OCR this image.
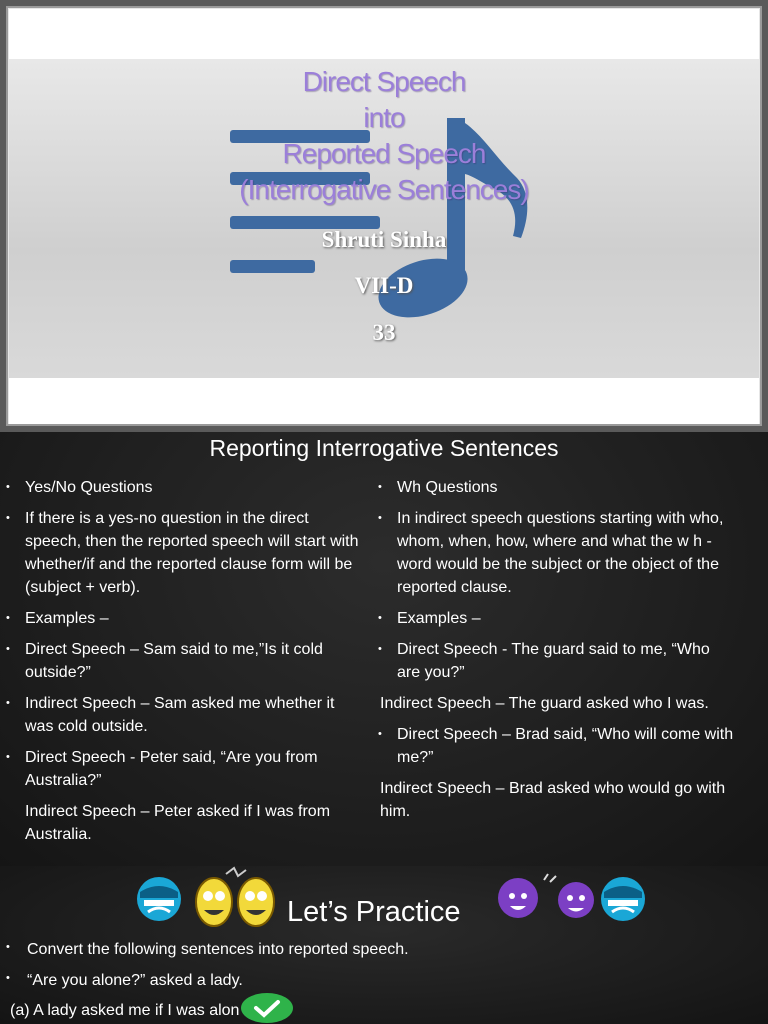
Direct Speech
into
Reported Speech
(Interrogative Sentences)
Shruti Sinha
VII-D
33
Reporting Interrogative Sentences
• Yes/No Questions
• If there is a yes-no question in the direct speech, then the reported speech will start with whether/if and the reported clause form will be (subject + verb).
• Examples –
• Direct Speech – Sam said to me,”Is it cold outside?”
• Indirect Speech – Sam asked me whether it was cold outside.
• Direct Speech - Peter said, “Are you from Australia?”
Indirect Speech – Peter asked if I was from Australia.
• Wh Questions
• In indirect speech questions starting with who, whom, when, how, where and what the w h -word would be the subject or the object of the reported clause.
• Examples –
• Direct Speech - The guard said to me, “Who are you?”
Indirect Speech – The guard asked who I was.
• Direct Speech – Brad said, “Who will come with me?”
Indirect Speech – Brad asked who would go with him.
Let’s Practice
• Convert the following sentences into reported speech.
• “Are you alone?” asked a lady.
(a) A lady asked me if I was alon
